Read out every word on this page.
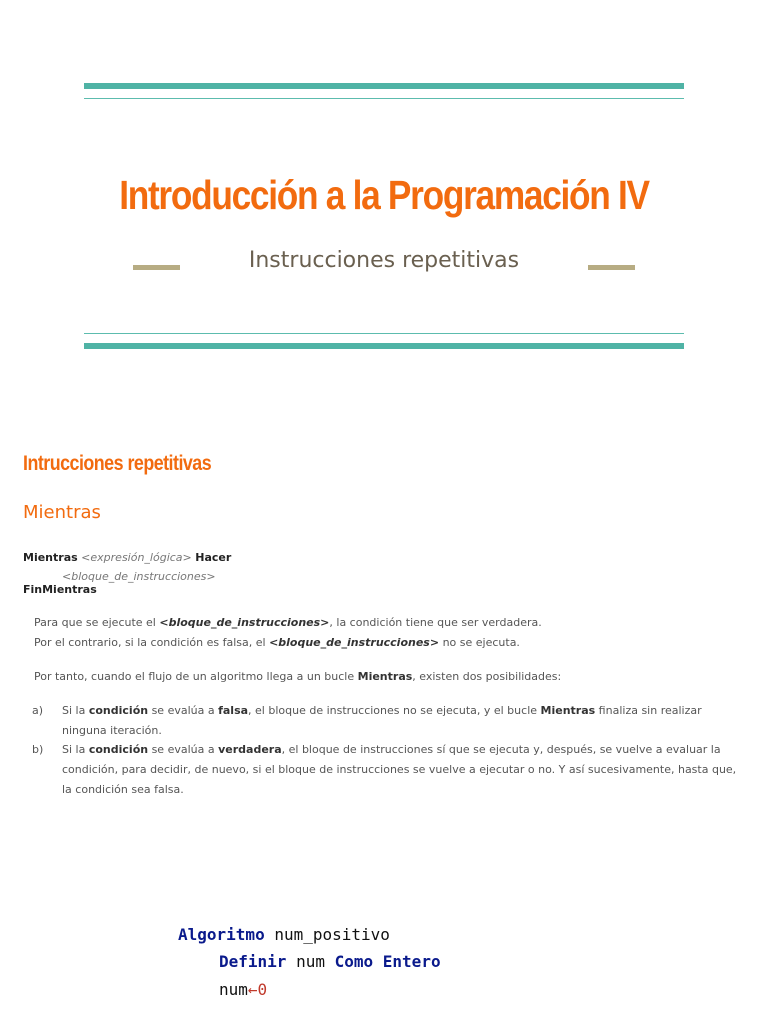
Introducción a la Programación IV
Instrucciones repetitivas
Intrucciones repetitivas
Mientras
Mientras <expresión_lógica> Hacer
<bloque_de_instrucciones>
FinMientras
Para que se ejecute el <bloque_de_instrucciones>, la condición tiene que ser verdadera.
Por el contrario, si la condición es falsa, el <bloque_de_instrucciones> no se ejecuta.
Por tanto, cuando el flujo de un algoritmo llega a un bucle Mientras, existen dos posibilidades:
a) Si la condición se evalúa a falsa, el bloque de instrucciones no se ejecuta, y el bucle Mientras finaliza sin realizar ninguna iteración.
b) Si la condición se evalúa a verdadera, el bloque de instrucciones sí que se ejecuta y, después, se vuelve a evaluar la condición, para decidir, de nuevo, si el bloque de instrucciones se vuelve a ejecutar o no. Y así sucesivamente, hasta que, la condición sea falsa.
Algoritmo num_positivo
Definir num Como Entero
num←0
